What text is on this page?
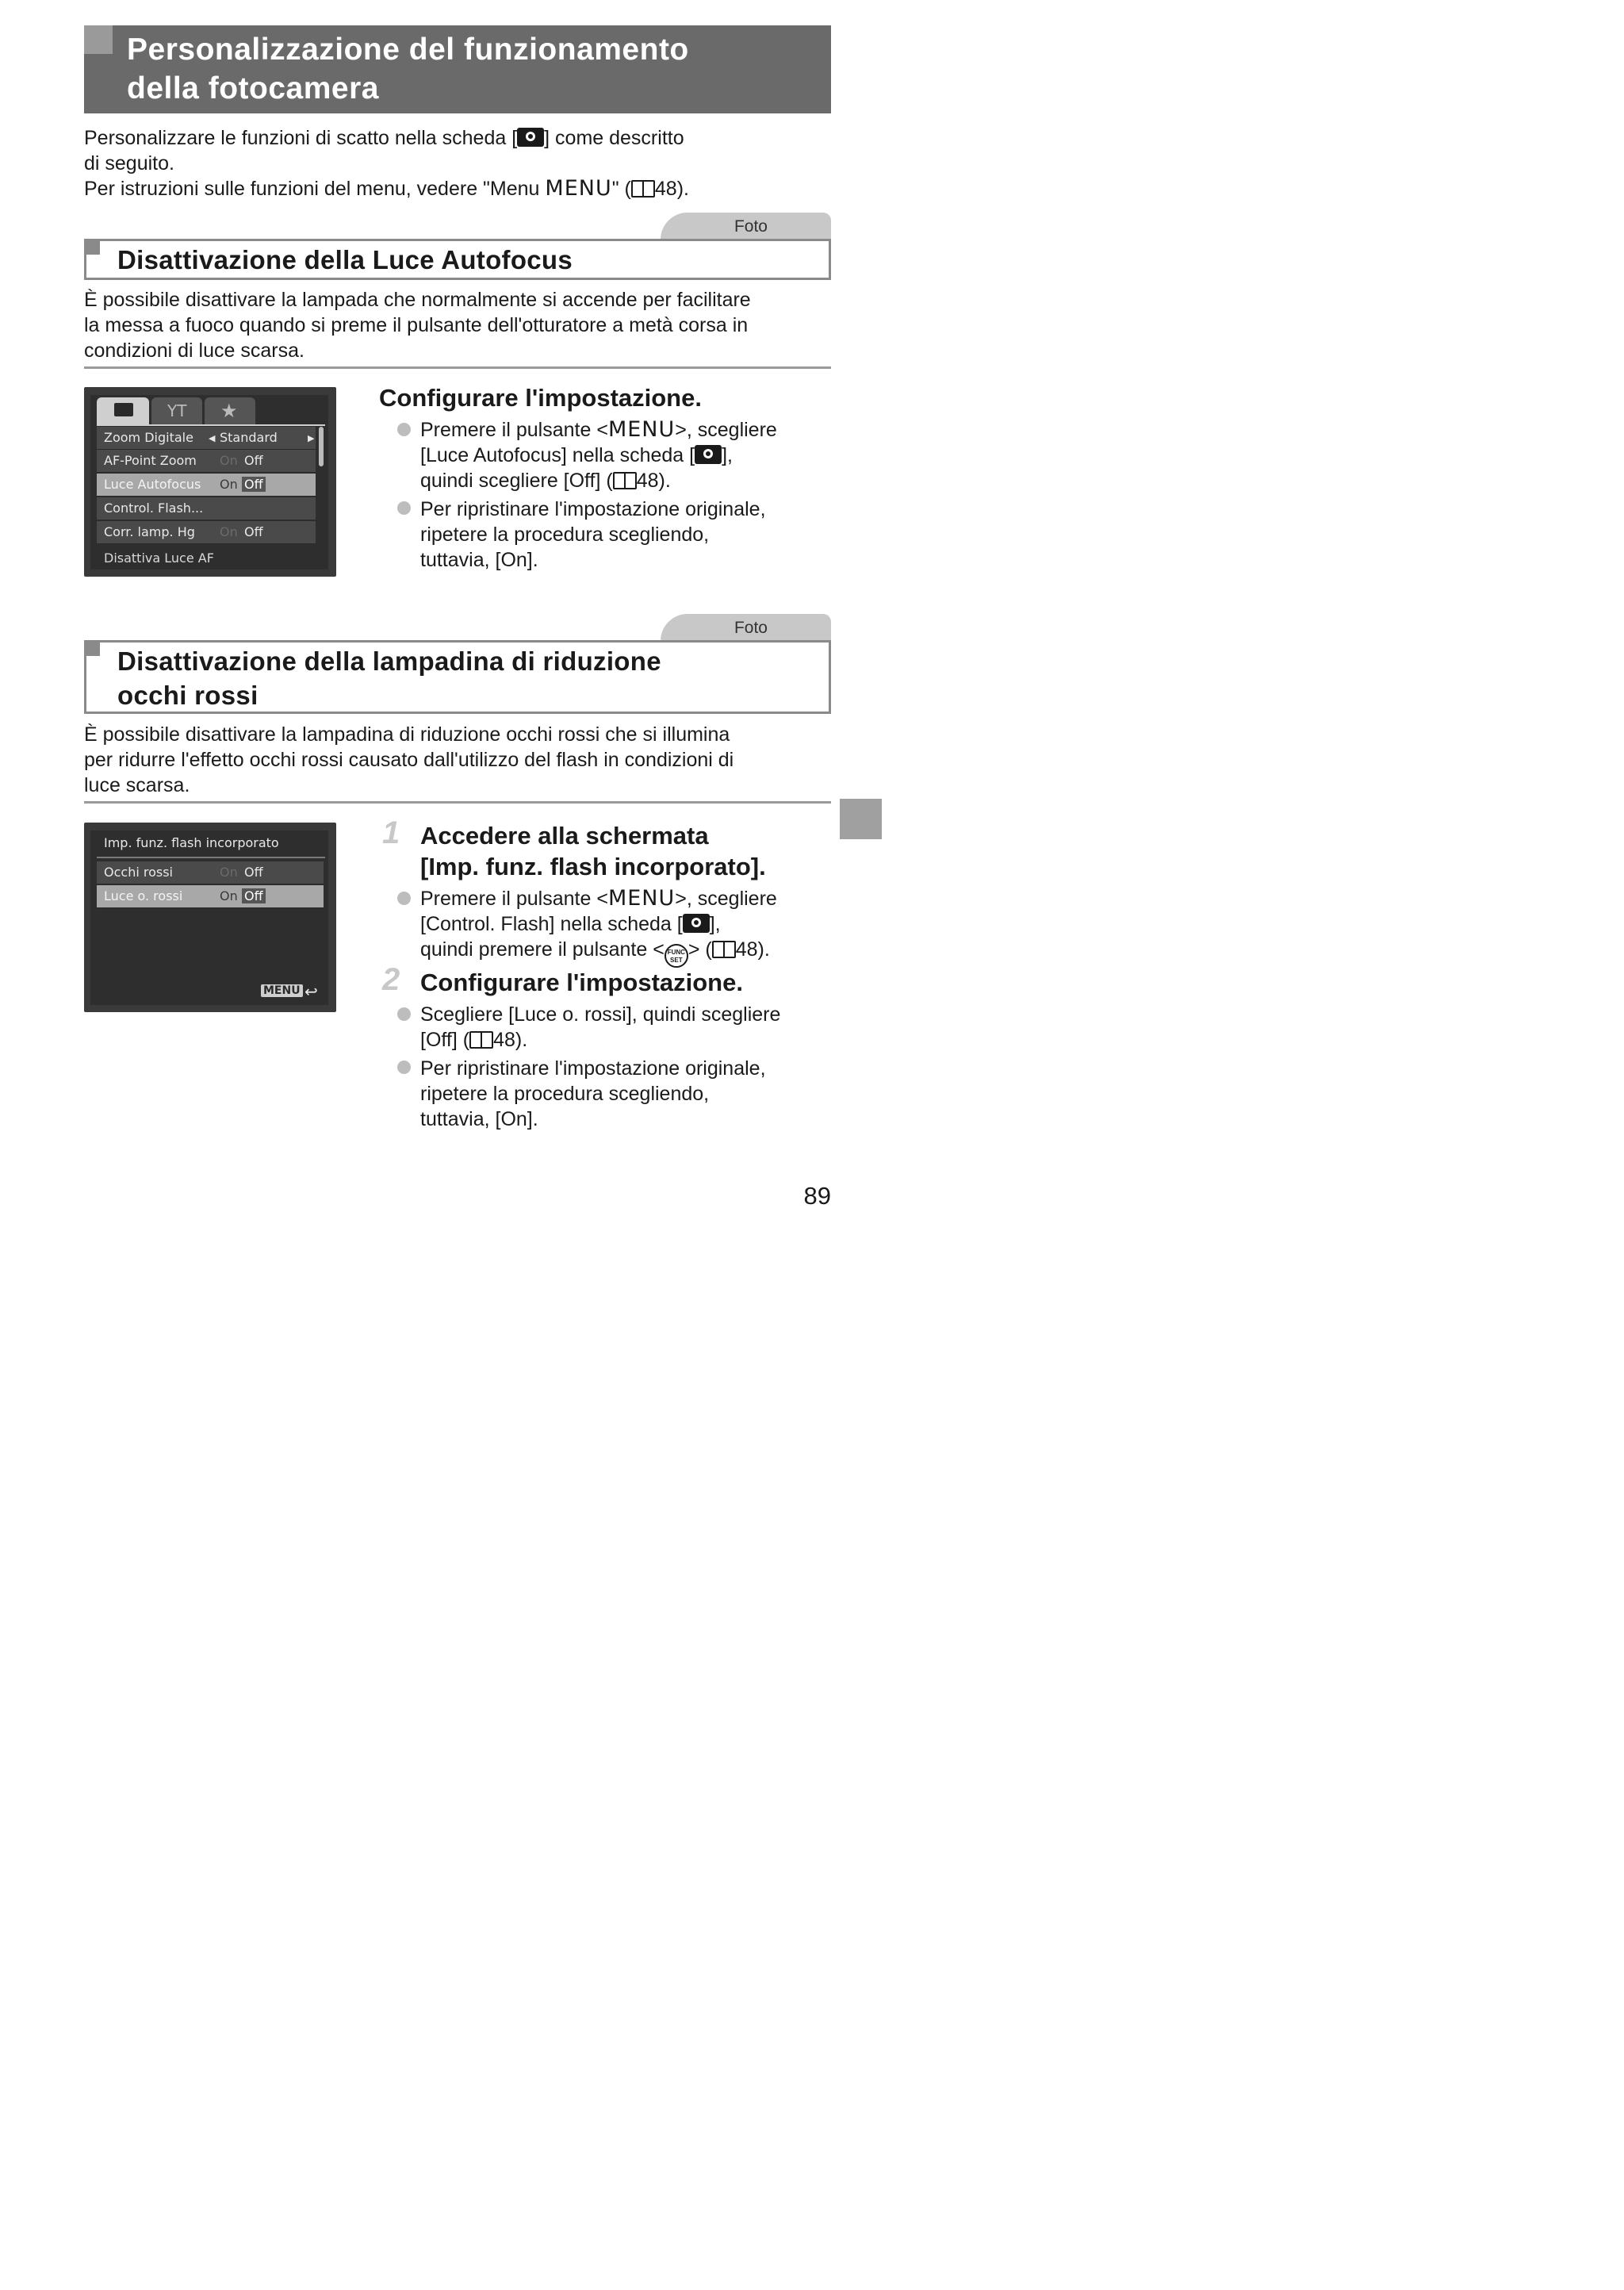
Personalizzazione del funzionamento
della fotocamera
Personalizzare le funzioni di scatto nella scheda [ ] come descritto
di seguito.
Per istruzioni sulle funzioni del menu, vedere "Menu MENU" ( 48).
Foto
Disattivazione della Luce Autofocus
È possibile disattivare la lampada che normalmente si accende per facilitare
la messa a fuoco quando si preme il pulsante dell'otturatore a metà corsa in
condizioni di luce scarsa.
ΥΤ ★
Zoom Digitale ◀ Standard	▶
AF-Point Zoom On Off
Luce Autofocus On Off
Control. Flash...
Corr. lamp. Hg On Off
Disattiva Luce AF
Configurare l'impostazione.
Premere il pulsante <MENU>, scegliere
[Luce Autofocus] nella scheda [ ],
quindi scegliere [Off] ( 48).
Per ripristinare l'impostazione originale,
ripetere la procedura scegliendo,
tuttavia, [On].
Foto
Disattivazione della lampadina di riduzione
occhi rossi
È possibile disattivare la lampadina di riduzione occhi rossi che si illumina
per ridurre l'effetto occhi rossi causato dall'utilizzo del flash in condizioni di
luce scarsa.
Imp. funz. flash incorporato
Occhi rossi	On Off
Luce o. rossi	On Off
MENU ↩
1 Accedere alla schermata
[Imp. funz. flash incorporato].
Premere il pulsante <MENU>, scegliere
[Control. Flash] nella scheda [ ],
quindi premere il pulsante < FUNC
SET > ( 48).
2 Configurare l'impostazione.
Scegliere [Luce o. rossi], quindi scegliere
[Off] ( 48).
Per ripristinare l'impostazione originale,
ripetere la procedura scegliendo,
tuttavia, [On].
89
